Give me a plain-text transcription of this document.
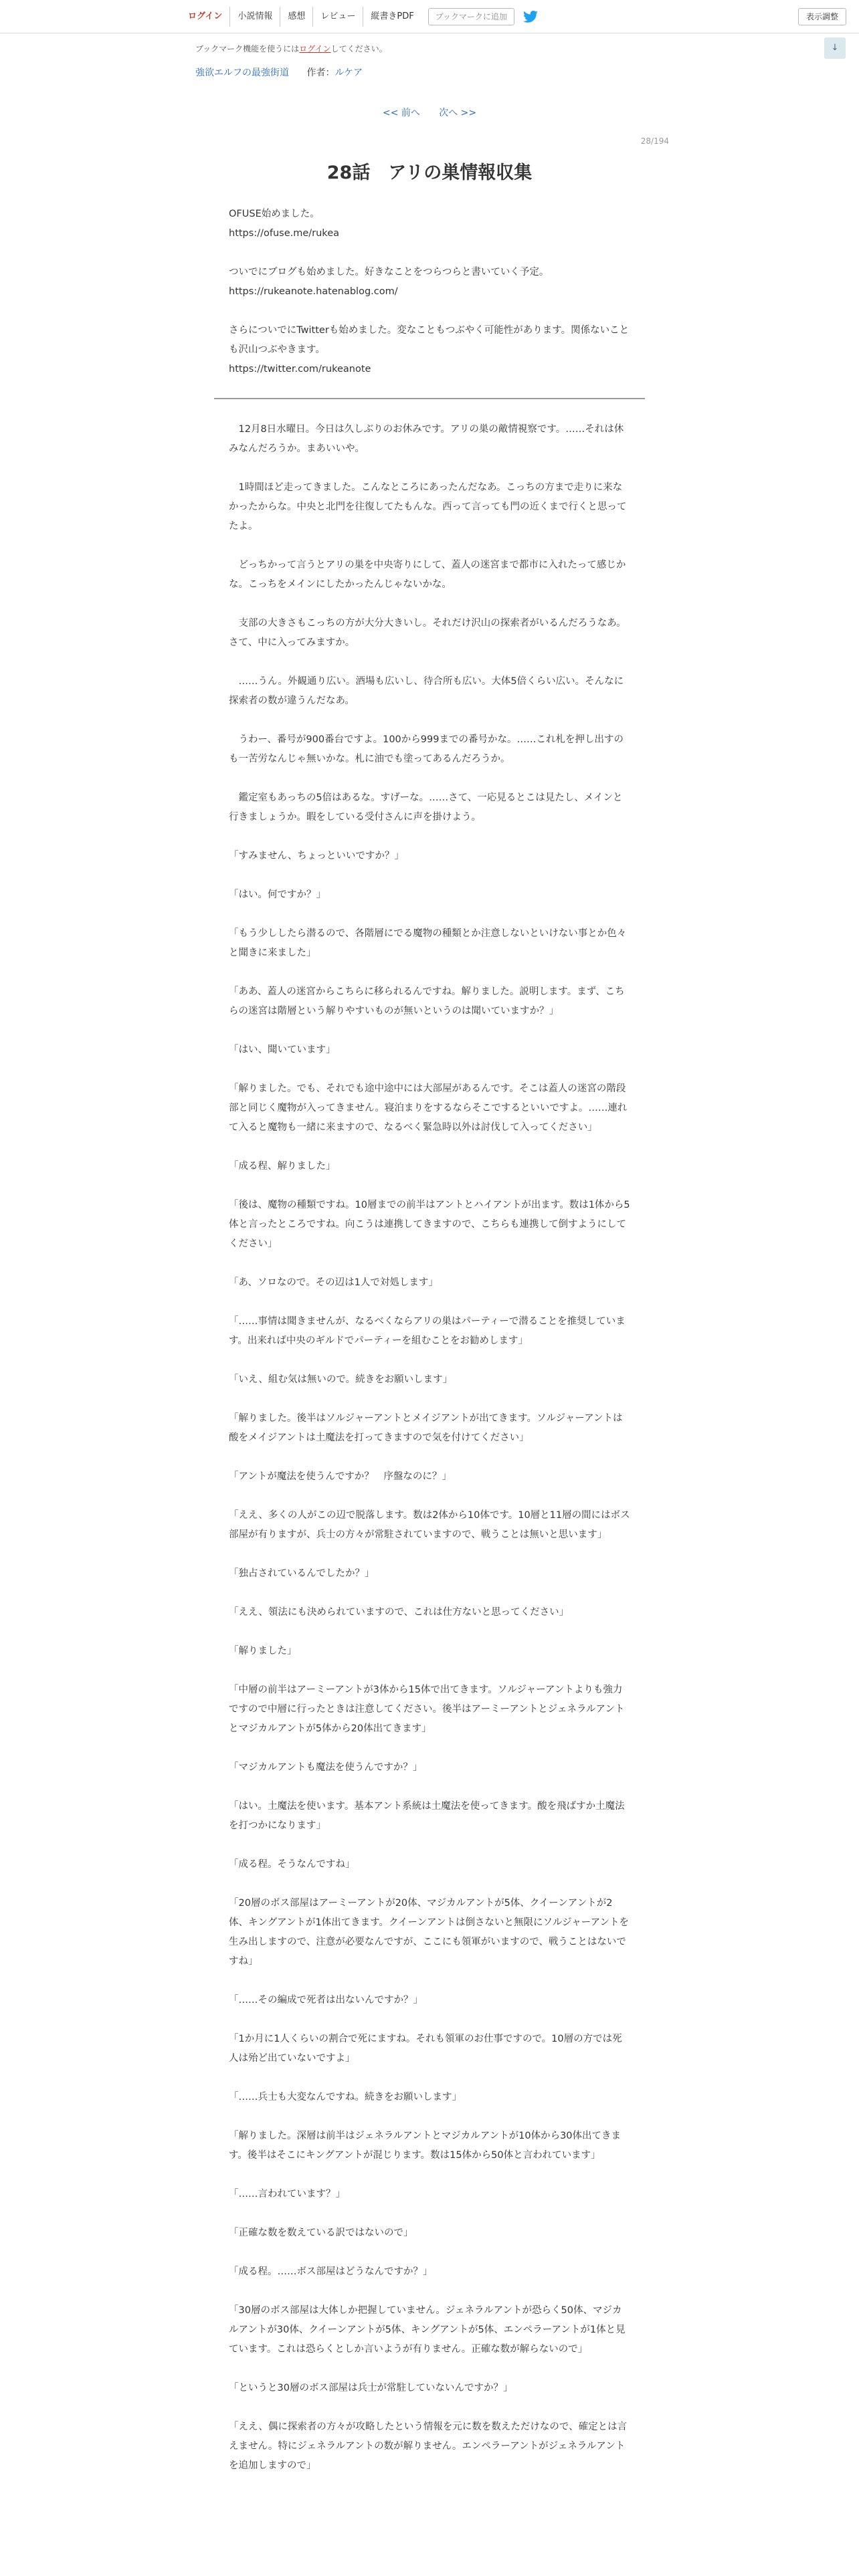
ログイン	小説情報	感想	レビュー	縦書きPDF	ブックマークに追加	表示調整
ブックマーク機能を使うにはログインしてください。	↓
強欲エルフの最強街道 作者：ルケア
<< 前へ 次へ >>
28/194
28話　アリの巣情報収集

OFUSE始めました。
https://ofuse.me/rukea

ついでにブログも始めました。好きなことをつらつらと書いていく予定。
https://rukeanote.hatenablog.com/

さらについでにTwitterも始めました。変なこともつぶやく可能性があります。関係ないことも沢山つぶやきます。
https://twitter.com/rukeanote

　12月8日水曜日。今日は久しぶりのお休みです。アリの巣の敵情視察です。……それは休みなんだろうか。まあいいや。

　1時間ほど走ってきました。こんなところにあったんだなあ。こっちの方まで走りに来なかったからな。中央と北門を往復してたもんな。西って言っても門の近くまで行くと思ってたよ。

　どっちかって言うとアリの巣を中央寄りにして、蓋人の迷宮まで都市に入れたって感じかな。こっちをメインにしたかったんじゃないかな。

　支部の大きさもこっちの方が大分大きいし。それだけ沢山の探索者がいるんだろうなあ。さて、中に入ってみますか。

　……うん。外観通り広い。酒場も広いし、待合所も広い。大体5倍くらい広い。そんなに探索者の数が違うんだなあ。

　うわー、番号が900番台ですよ。100から999までの番号かな。……これ札を押し出すのも一苦労なんじゃ無いかな。札に油でも塗ってあるんだろうか。

　鑑定室もあっちの5倍はあるな。すげーな。……さて、一応見るとこは見たし、メインと行きましょうか。暇をしている受付さんに声を掛けよう。

「すみません、ちょっといいですか？」

「はい。何ですか？」

「もう少ししたら潜るので、各階層にでる魔物の種類とか注意しないといけない事とか色々と聞きに来ました」

「ああ、蓋人の迷宮からこちらに移られるんですね。解りました。説明します。まず、こちらの迷宮は階層という解りやすいものが無いというのは聞いていますか？」

「はい、聞いています」

「解りました。でも、それでも途中途中には大部屋があるんです。そこは蓋人の迷宮の階段部と同じく魔物が入ってきません。寝泊まりをするならそこでするといいですよ。……連れて入ると魔物も一緒に来ますので、なるべく緊急時以外は討伐して入ってください」

「成る程、解りました」

「後は、魔物の種類ですね。10層までの前半はアントとハイアントが出ます。数は1体から5体と言ったところですね。向こうは連携してきますので、こちらも連携して倒すようにしてください」

「あ、ソロなので。その辺は1人で対処します」

「……事情は聞きませんが、なるべくならアリの巣はパーティーで潜ることを推奨しています。出来れば中央のギルドでパーティーを組むことをお勧めします」

「いえ、組む気は無いので。続きをお願いします」

「解りました。後半はソルジャーアントとメイジアントが出てきます。ソルジャーアントは酸をメイジアントは土魔法を打ってきますので気を付けてください」

「アントが魔法を使うんですか？　序盤なのに？」

「ええ、多くの人がこの辺で脱落します。数は2体から10体です。10層と11層の間にはボス部屋が有りますが、兵士の方々が常駐されていますので、戦うことは無いと思います」

「独占されているんでしたか？」

「ええ、領法にも決められていますので、これは仕方ないと思ってください」

「解りました」

「中層の前半はアーミーアントが3体から15体で出てきます。ソルジャーアントよりも強力ですので中層に行ったときは注意してください。後半はアーミーアントとジェネラルアントとマジカルアントが5体から20体出てきます」

「マジカルアントも魔法を使うんですか？」

「はい。土魔法を使います。基本アント系統は土魔法を使ってきます。酸を飛ばすか土魔法を打つかになります」

「成る程。そうなんですね」

「20層のボス部屋はアーミーアントが20体、マジカルアントが5体、クイーンアントが2体、キングアントが1体出てきます。クイーンアントは倒さないと無限にソルジャーアントを生み出しますので、注意が必要なんですが、ここにも領軍がいますので、戦うことはないですね」

「……その編成で死者は出ないんですか？」

「1か月に1人くらいの割合で死にますね。それも領軍のお仕事ですので。10層の方では死人は殆ど出ていないですよ」

「……兵士も大変なんですね。続きをお願いします」

「解りました。深層は前半はジェネラルアントとマジカルアントが10体から30体出てきます。後半はそこにキングアントが混じります。数は15体から50体と言われています」

「……言われています？」

「正確な数を数えている訳ではないので」

「成る程。……ボス部屋はどうなんですか？」

「30層のボス部屋は大体しか把握していません。ジェネラルアントが恐らく50体、マジカルアントが30体、クイーンアントが5体、キングアントが5体、エンペラーアントが1体と見ています。これは恐らくとしか言いようが有りません。正確な数が解らないので」

「というと30層のボス部屋は兵士が常駐していないんですか？」

「ええ、偶に探索者の方々が攻略したという情報を元に数を数えただけなので、確定とは言えません。特にジェネラルアントの数が解りません。エンペラーアントがジェネラルアントを追加しますので」
